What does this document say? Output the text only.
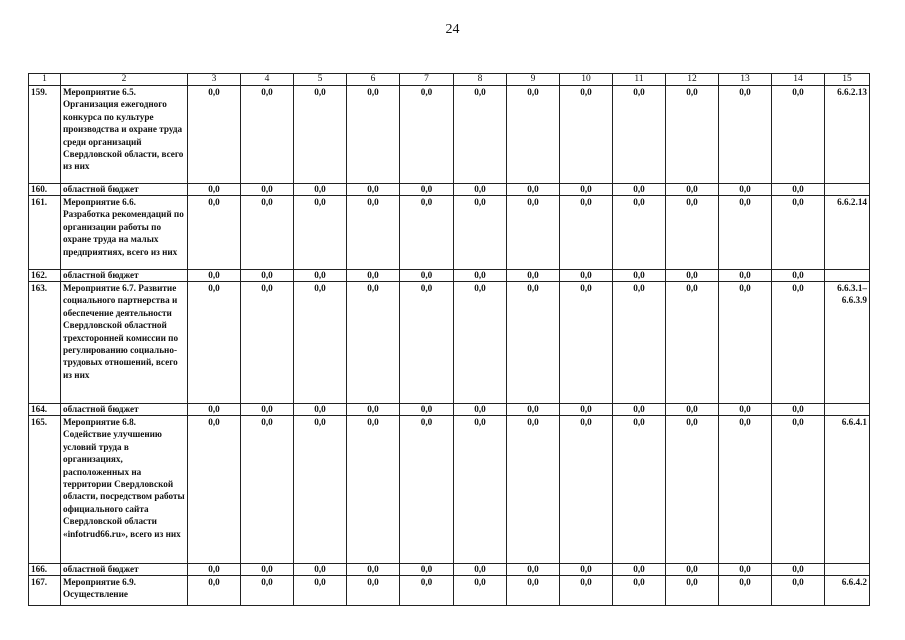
24
1	2	3	4	5	6	7	8	9	10	11	12	13	14	15
159.	Мероприятие 6.5. Организация ежегодного конкурса по культуре производства и охране труда среди организаций Свердловской области, всего из них	0,0	0,0	0,0	0,0	0,0	0,0	0,0	0,0	0,0	0,0	0,0	0,0	6.6.2.13
160.	областной бюджет	0,0	0,0	0,0	0,0	0,0	0,0	0,0	0,0	0,0	0,0	0,0	0,0	
161.	Мероприятие 6.6. Разработка рекомендаций по организации работы по охране труда на малых предприятиях, всего из них	0,0	0,0	0,0	0,0	0,0	0,0	0,0	0,0	0,0	0,0	0,0	0,0	6.6.2.14
162.	областной бюджет	0,0	0,0	0,0	0,0	0,0	0,0	0,0	0,0	0,0	0,0	0,0	0,0	
163.	Мероприятие 6.7. Развитие социального партнерства и обеспечение деятельности Свердловской областной трехсторонней комиссии по регулированию социально-трудовых отношений, всего из них	0,0	0,0	0,0	0,0	0,0	0,0	0,0	0,0	0,0	0,0	0,0	0,0	6.6.3.1– 6.6.3.9
164.	областной бюджет	0,0	0,0	0,0	0,0	0,0	0,0	0,0	0,0	0,0	0,0	0,0	0,0	
165.	Мероприятие 6.8. Содействие улучшению условий труда в организациях, расположенных на территории Свердловской области, посредством работы официального сайта Свердловской области «infotrud66.ru», всего из них	0,0	0,0	0,0	0,0	0,0	0,0	0,0	0,0	0,0	0,0	0,0	0,0	6.6.4.1
166.	областной бюджет	0,0	0,0	0,0	0,0	0,0	0,0	0,0	0,0	0,0	0,0	0,0	0,0	
167.	Мероприятие 6.9. Осуществление	0,0	0,0	0,0	0,0	0,0	0,0	0,0	0,0	0,0	0,0	0,0	0,0	6.6.4.2
